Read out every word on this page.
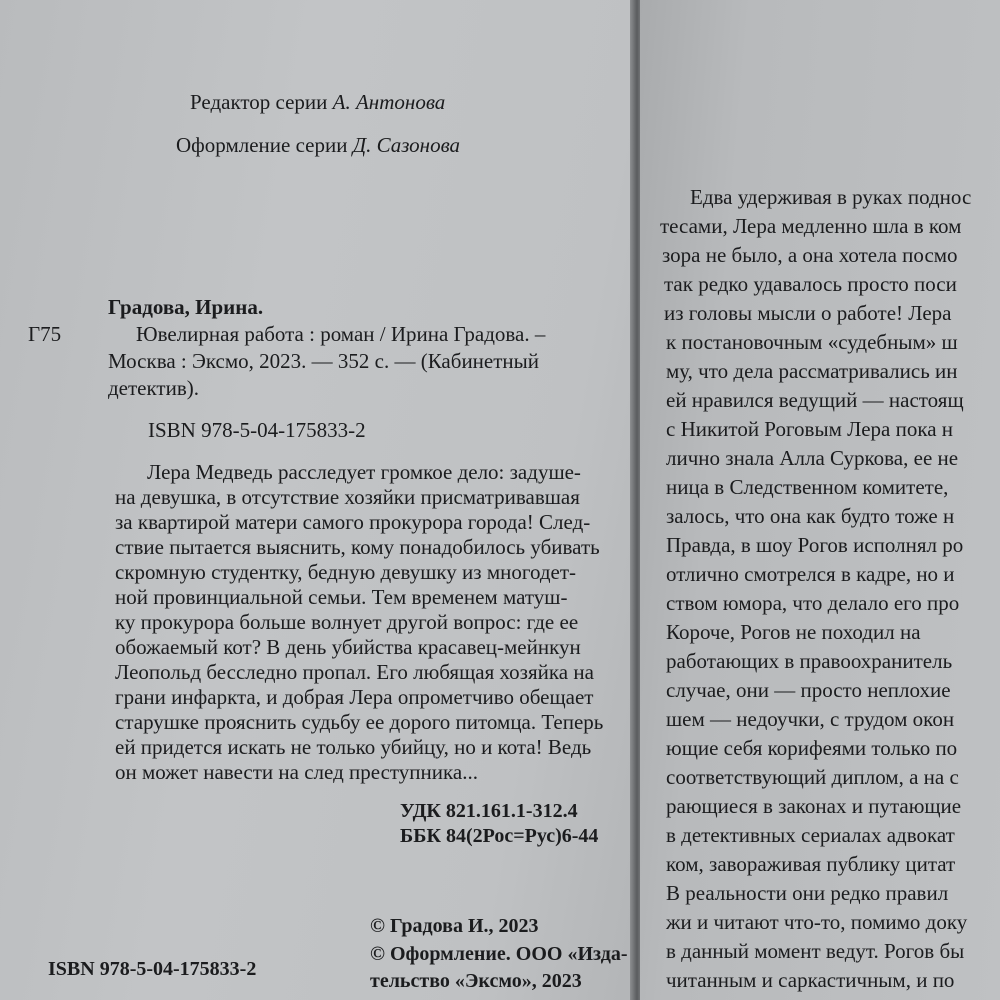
Редактор серии А. Антонова
Оформление серии Д. Сазонова
Градова, Ирина.
Г75	Ювелирная работа : роман / Ирина Градова. –
Москва : Эксмо, 2023. — 352 с. — (Кабинетный
детектив).
ISBN 978-5-04-175833-2
Лера Медведь расследует громкое дело: задуше-
на девушка, в отсутствие хозяйки присматривавшая
за квартирой матери самого прокурора города! След-
ствие пытается выяснить, кому понадобилось убивать
скромную студентку, бедную девушку из многодет-
ной провинциальной семьи. Тем временем матуш-
ку прокурора больше волнует другой вопрос: где ее
обожаемый кот? В день убийства красавец-мейнкун
Леопольд бесследно пропал. Его любящая хозяйка на
грани инфаркта, и добрая Лера опрометчиво обещает
старушке прояснить судьбу ее дорого питомца. Теперь
ей придется искать не только убийцу, но и кота! Ведь
он может навести на след преступника...
УДК 821.161.1-312.4
ББК 84(2Рос=Рус)6-44
© Градова И., 2023
© Оформление. ООО «Изда-
тельство «Эксмо», 2023
ISBN 978-5-04-175833-2
Едва удерживая в руках поднос
тесами, Лера медленно шла в ком
зора не было, а она хотела посмо
так редко удавалось просто поси
из головы мысли о работе! Лера
к постановочным «судебным» ш
му, что дела рассматривались ин
ей нравился ведущий — настоящ
с Никитой Роговым Лера пока н
лично знала Алла Суркова, ее не
ница в Следственном комитете,
залось, что она как будто тоже н
Правда, в шоу Рогов исполнял ро
отлично смотрелся в кадре, но и
ством юмора, что делало его про
Короче, Рогов не походил на
работающих в правоохранитель
случае, они — просто неплохие
шем — недоучки, с трудом окон
ющие себя корифеями только по
соответствующий диплом, а на с
рающиеся в законах и путающие
в детективных сериалах адвокат
ком, завораживая публику цитат
В реальности они редко правил
жи и читают что-то, помимо доку
в данный момент ведут. Рогов бы
читанным и саркастичным, и по
